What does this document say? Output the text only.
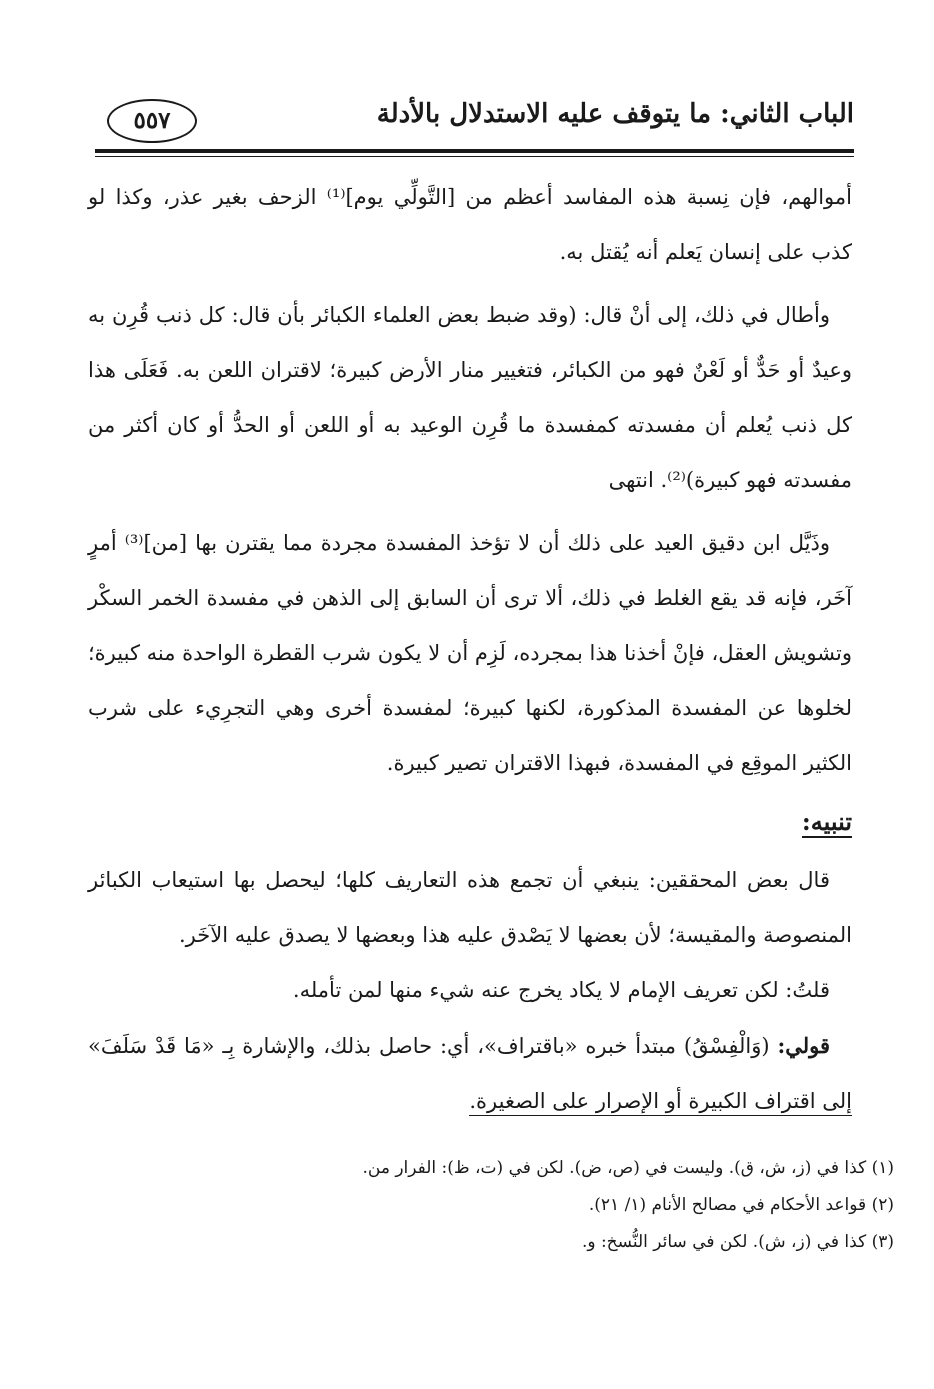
الباب الثاني: ما يتوقف عليه الاستدلال بالأدلة
٥٥٧

أموالهم، فإن نِسبة هذه المفاسد أعظم من [التَّولِّي يوم]⁽¹⁾ الزحف بغير عذر، وكذا لو كذب على إنسان يَعلم أنه يُقتل به.

وأطال في ذلك، إلى أنْ قال: (وقد ضبط بعض العلماء الكبائر بأن قال: كل ذنب قُرِن به وعيدٌ أو حَدٌّ أو لَعْنٌ فهو من الكبائر، فتغيير منار الأرض كبيرة؛ لاقتران اللعن به. فَعَلَى هذا كل ذنب يُعلم أن مفسدته كمفسدة ما قُرِن الوعيد به أو اللعن أو الحدُّ أو كان أكثر من مفسدته فهو كبيرة)⁽²⁾. انتهى

وذَيَّل ابن دقيق العيد على ذلك أن لا تؤخذ المفسدة مجردة مما يقترن بها [من]⁽³⁾ أمرٍ آخَر، فإنه قد يقع الغلط في ذلك، ألا ترى أن السابق إلى الذهن في مفسدة الخمر السكْر وتشويش العقل، فإنْ أخذنا هذا بمجرده، لَزِم أن لا يكون شرب القطرة الواحدة منه كبيرة؛ لخلوها عن المفسدة المذكورة، لكنها كبيرة؛ لمفسدة أخرى وهي التجرِيء على شرب الكثير الموقِع في المفسدة، فبهذا الاقتران تصير كبيرة.

تنبيه:

قال بعض المحققين: ينبغي أن تجمع هذه التعاريف كلها؛ ليحصل بها استيعاب الكبائر المنصوصة والمقيسة؛ لأن بعضها لا يَصْدق عليه هذا وبعضها لا يصدق عليه الآخَر.

قلتُ: لكن تعريف الإمام لا يكاد يخرج عنه شيء منها لمن تأمله.

قولي: (وَالْفِسْقُ) مبتدأ خبره «باقتراف»، أي: حاصل بذلك، والإشارة بِـ «مَا قَدْ سَلَفَ» إلى اقتراف الكبيرة أو الإصرار على الصغيرة.

(١) كذا في (ز، ش، ق). وليست في (ص، ض). لكن في (ت، ظ): الفرار من.

(٢) قواعد الأحكام في مصالح الأنام (١/ ٢١).

(٣) كذا في (ز، ش). لكن في سائر النُّسخ: و.
